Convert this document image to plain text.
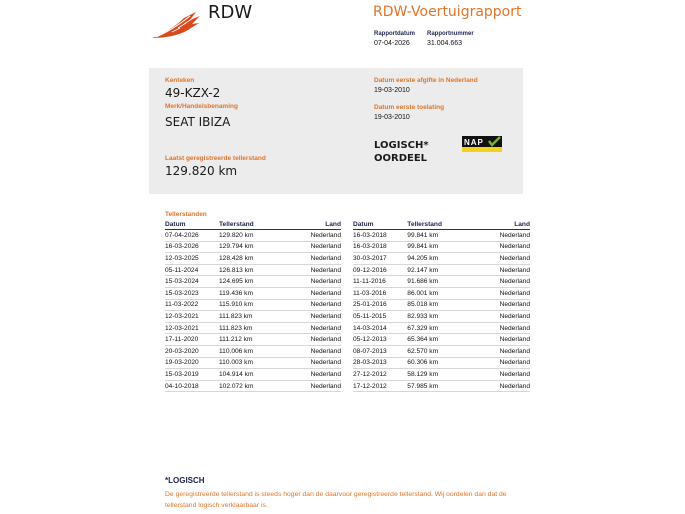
RDW	RDW-Voertuigrapport
Rapportdatum
07-04-2026
Rapportnummer
31.004.663
Kenteken
49-KZX-2
Merk/Handelsbenaming
SEAT IBIZA
Laatst geregistreerde tellerstand
129.820 km
Datum eerste afgifte in Nederland
19-03-2010
Datum eerste toelating
19-03-2010
LOGISCH*
OORDEEL
NAP
Tellerstanden
Datum	Tellerstand	Land
07-04-2026	129.820 km	Nederland
16-03-2026	129.794 km	Nederland
12-03-2025	128.428 km	Nederland
05-11-2024	126.813 km	Nederland
15-03-2024	124.695 km	Nederland
15-03-2023	119.436 km	Nederland
11-03-2022	115.910 km	Nederland
12-03-2021	111.823 km	Nederland
12-03-2021	111.823 km	Nederland
17-11-2020	111.212 km	Nederland
20-03-2020	110.006 km	Nederland
19-03-2020	110.003 km	Nederland
15-03-2019	104.914 km	Nederland
04-10-2018	102.072 km	Nederland
Datum	Tellerstand	Land
16-03-2018	99.841 km	Nederland
16-03-2018	99.841 km	Nederland
30-03-2017	94.205 km	Nederland
09-12-2016	92.147 km	Nederland
11-11-2016	91.686 km	Nederland
11-03-2016	86.001 km	Nederland
25-01-2016	85.018 km	Nederland
05-11-2015	82.933 km	Nederland
14-03-2014	67.329 km	Nederland
05-12-2013	65.364 km	Nederland
08-07-2013	62.570 km	Nederland
28-03-2013	60.306 km	Nederland
27-12-2012	58.129 km	Nederland
17-12-2012	57.985 km	Nederland
*LOGISCH
De geregistreerde tellerstand is steeds hoger dan de daarvoor geregistreerde tellerstand. Wij oordelen dan dat de tellerstand logisch verklaarbaar is.
